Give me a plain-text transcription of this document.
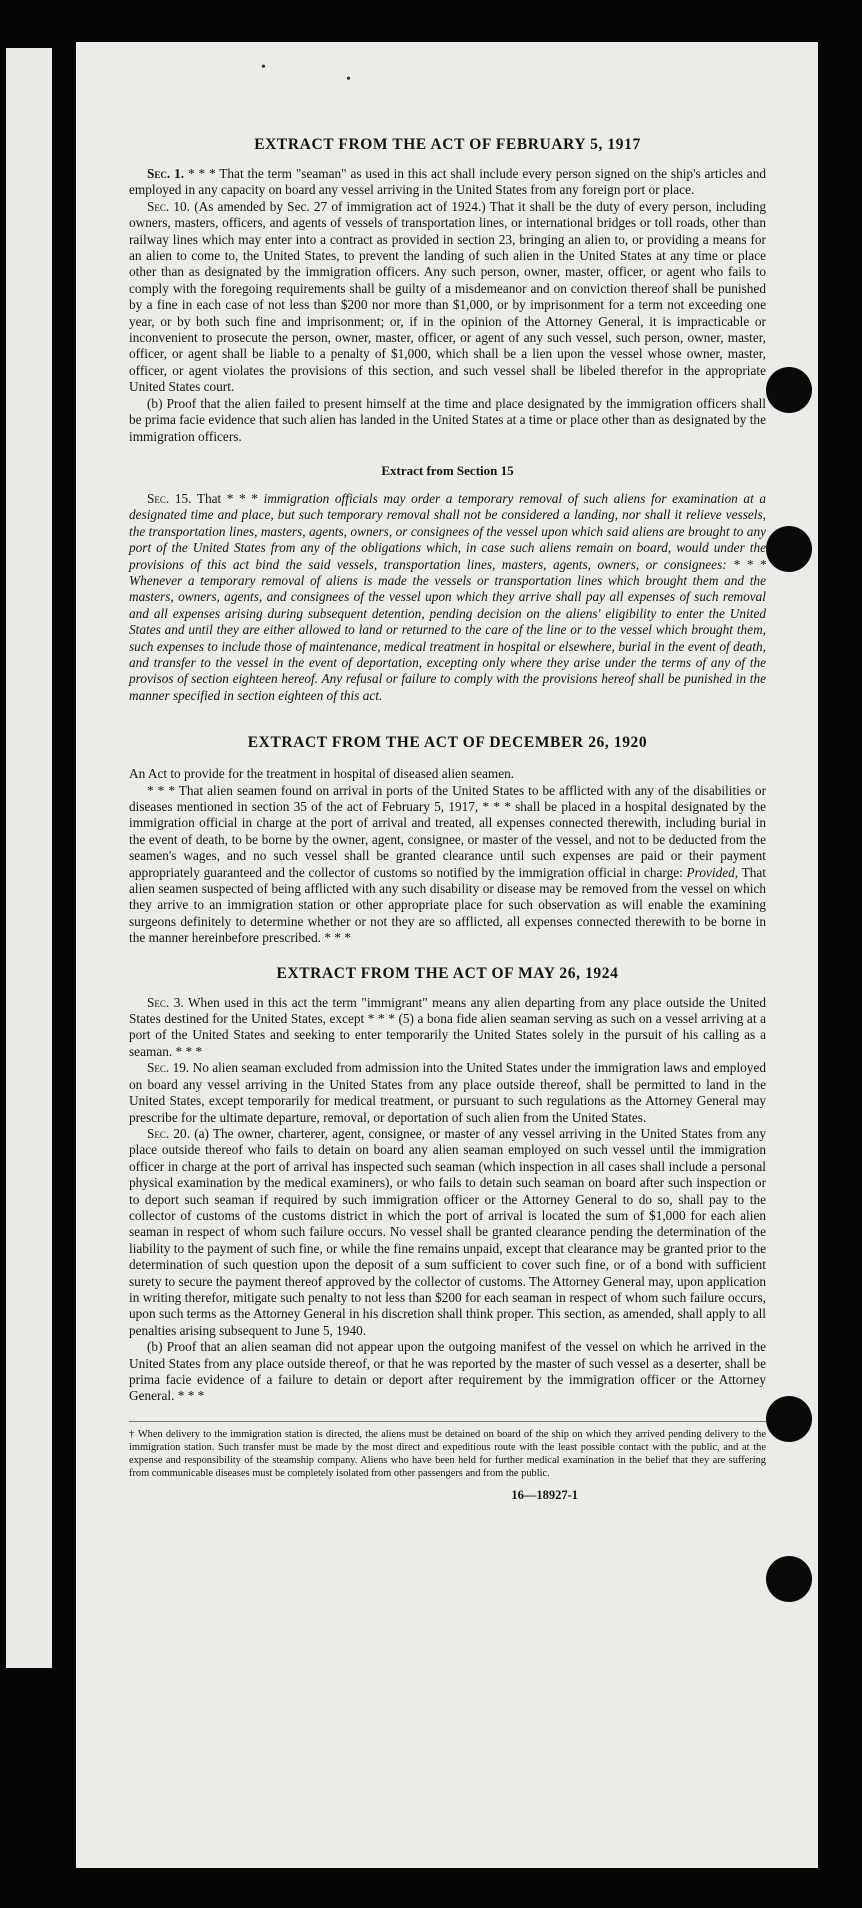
•
•
EXTRACT FROM THE ACT OF FEBRUARY 5, 1917

Sec. 1. * * * That the term "seaman" as used in this act shall include every person signed on the ship's articles and employed in any capacity on board any vessel arriving in the United States from any foreign port or place.

Sec. 10. (As amended by Sec. 27 of immigration act of 1924.) That it shall be the duty of every person, including owners, masters, officers, and agents of vessels of transportation lines, or international bridges or toll roads, other than railway lines which may enter into a contract as provided in section 23, bringing an alien to, or providing a means for an alien to come to, the United States, to prevent the landing of such alien in the United States at any time or place other than as designated by the immigration officers. Any such person, owner, master, officer, or agent who fails to comply with the foregoing requirements shall be guilty of a misdemeanor and on conviction thereof shall be punished by a fine in each case of not less than $200 nor more than $1,000, or by imprisonment for a term not exceeding one year, or by both such fine and imprisonment; or, if in the opinion of the Attorney General, it is impracticable or inconvenient to prosecute the person, owner, master, officer, or agent of any such vessel, such person, owner, master, officer, or agent shall be liable to a penalty of $1,000, which shall be a lien upon the vessel whose owner, master, officer, or agent violates the provisions of this section, and such vessel shall be libeled therefor in the appropriate United States court.

(b) Proof that the alien failed to present himself at the time and place designated by the immigration officers shall be prima facie evidence that such alien has landed in the United States at a time or place other than as designated by the immigration officers.

Extract from Section 15

Sec. 15. That * * * immigration officials may order a temporary removal of such aliens for examination at a designated time and place, but such temporary removal shall not be considered a landing, nor shall it relieve vessels, the transportation lines, masters, agents, owners, or consignees of the vessel upon which said aliens are brought to any port of the United States from any of the obligations which, in case such aliens remain on board, would under the provisions of this act bind the said vessels, transportation lines, masters, agents, owners, or consignees: * * * Whenever a temporary removal of aliens is made the vessels or transportation lines which brought them and the masters, owners, agents, and consignees of the vessel upon which they arrive shall pay all expenses of such removal and all expenses arising during subsequent detention, pending decision on the aliens' eligibility to enter the United States and until they are either allowed to land or returned to the care of the line or to the vessel which brought them, such expenses to include those of maintenance, medical treatment in hospital or elsewhere, burial in the event of death, and transfer to the vessel in the event of deportation, excepting only where they arise under the terms of any of the provisos of section eighteen hereof. Any refusal or failure to comply with the provisions hereof shall be punished in the manner specified in section eighteen of this act.

EXTRACT FROM THE ACT OF DECEMBER 26, 1920

An Act to provide for the treatment in hospital of diseased alien seamen.

* * * That alien seamen found on arrival in ports of the United States to be afflicted with any of the disabilities or diseases mentioned in section 35 of the act of February 5, 1917, * * * shall be placed in a hospital designated by the immigration official in charge at the port of arrival and treated, all expenses connected therewith, including burial in the event of death, to be borne by the owner, agent, consignee, or master of the vessel, and not to be deducted from the seamen's wages, and no such vessel shall be granted clearance until such expenses are paid or their payment appropriately guaranteed and the collector of customs so notified by the immigration official in charge: Provided, That alien seamen suspected of being afflicted with any such disability or disease may be removed from the vessel on which they arrive to an immigration station or other appropriate place for such observation as will enable the examining surgeons definitely to determine whether or not they are so afflicted, all expenses connected therewith to be borne in the manner hereinbefore prescribed. * * *

EXTRACT FROM THE ACT OF MAY 26, 1924

Sec. 3. When used in this act the term "immigrant" means any alien departing from any place outside the United States destined for the United States, except * * * (5) a bona fide alien seaman serving as such on a vessel arriving at a port of the United States and seeking to enter temporarily the United States solely in the pursuit of his calling as a seaman. * * *

Sec. 19. No alien seaman excluded from admission into the United States under the immigration laws and employed on board any vessel arriving in the United States from any place outside thereof, shall be permitted to land in the United States, except temporarily for medical treatment, or pursuant to such regulations as the Attorney General may prescribe for the ultimate departure, removal, or deportation of such alien from the United States.

Sec. 20. (a) The owner, charterer, agent, consignee, or master of any vessel arriving in the United States from any place outside thereof who fails to detain on board any alien seaman employed on such vessel until the immigration officer in charge at the port of arrival has inspected such seaman (which inspection in all cases shall include a personal physical examination by the medical examiners), or who fails to detain such seaman on board after such inspection or to deport such seaman if required by such immigration officer or the Attorney General to do so, shall pay to the collector of customs of the customs district in which the port of arrival is located the sum of $1,000 for each alien seaman in respect of whom such failure occurs. No vessel shall be granted clearance pending the determination of the liability to the payment of such fine, or while the fine remains unpaid, except that clearance may be granted prior to the determination of such question upon the deposit of a sum sufficient to cover such fine, or of a bond with sufficient surety to secure the payment thereof approved by the collector of customs. The Attorney General may, upon application in writing therefor, mitigate such penalty to not less than $200 for each seaman in respect of whom such failure occurs, upon such terms as the Attorney General in his discretion shall think proper. This section, as amended, shall apply to all penalties arising subsequent to June 5, 1940.

(b) Proof that an alien seaman did not appear upon the outgoing manifest of the vessel on which he arrived in the United States from any place outside thereof, or that he was reported by the master of such vessel as a deserter, shall be prima facie evidence of a failure to detain or deport after requirement by the immigration officer or the Attorney General. * * *

† When delivery to the immigration station is directed, the aliens must be detained on board of the ship on which they arrived pending delivery to the immigration station. Such transfer must be made by the most direct and expeditious route with the least possible contact with the public, and at the expense and responsibility of the steamship company. Aliens who have been held for further medical examination in the belief that they are suffering from communicable diseases must be completely isolated from other passengers and from the public.

16—18927-1
